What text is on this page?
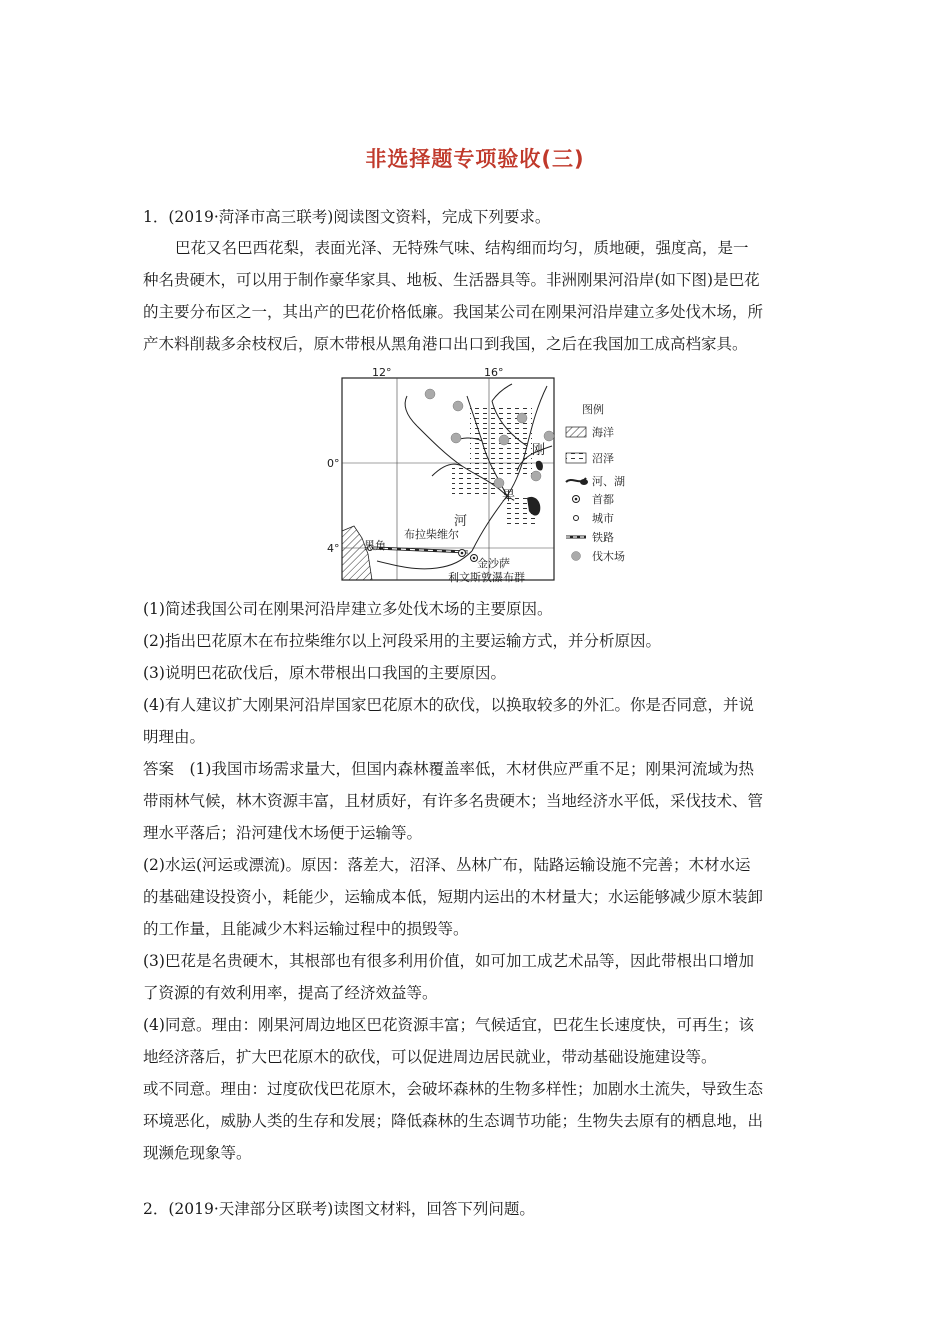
非选择题专项验收(三)
1．(2019·菏泽市高三联考)阅读图文资料，完成下列要求。
巴花又名巴西花梨，表面光泽、无特殊气味、结构细而均匀，质地硬，强度高，是一
种名贵硬木，可以用于制作豪华家具、地板、生活器具等。非洲刚果河沿岸(如下图)是巴花
的主要分布区之一，其出产的巴花价格低廉。我国某公司在刚果河沿岸建立多处伐木场，所
产木料削裁多余枝杈后，原木带根从黑角港口出口到我国，之后在我国加工成高档家具。
12°	16°
0°
4° 黑角
布拉柴维尔
金沙萨
利文斯敦瀑布群
河
刚
果
图例
海洋
沼泽
河、湖
首都
城市
铁路
伐木场
(1)简述我国公司在刚果河沿岸建立多处伐木场的主要原因。
(2)指出巴花原木在布拉柴维尔以上河段采用的主要运输方式，并分析原因。
(3)说明巴花砍伐后，原木带根出口我国的主要原因。
(4)有人建议扩大刚果河沿岸国家巴花原木的砍伐，以换取较多的外汇。你是否同意，并说
明理由。
答案　(1)我国市场需求量大，但国内森林覆盖率低，木材供应严重不足；刚果河流域为热
带雨林气候，林木资源丰富，且材质好，有许多名贵硬木；当地经济水平低，采伐技术、管
理水平落后；沿河建伐木场便于运输等。
(2)水运(河运或漂流)。原因：落差大，沼泽、丛林广布，陆路运输设施不完善；木材水运
的基础建设投资小，耗能少，运输成本低，短期内运出的木材量大；水运能够减少原木装卸
的工作量，且能减少木料运输过程中的损毁等。
(3)巴花是名贵硬木，其根部也有很多利用价值，如可加工成艺术品等，因此带根出口增加
了资源的有效利用率，提高了经济效益等。
(4)同意。理由：刚果河周边地区巴花资源丰富；气候适宜，巴花生长速度快，可再生；该
地经济落后，扩大巴花原木的砍伐，可以促进周边居民就业，带动基础设施建设等。
或不同意。理由：过度砍伐巴花原木，会破坏森林的生物多样性；加剧水土流失，导致生态
环境恶化，威胁人类的生存和发展；降低森林的生态调节功能；生物失去原有的栖息地，出
现濒危现象等。
2．(2019·天津部分区联考)读图文材料，回答下列问题。
